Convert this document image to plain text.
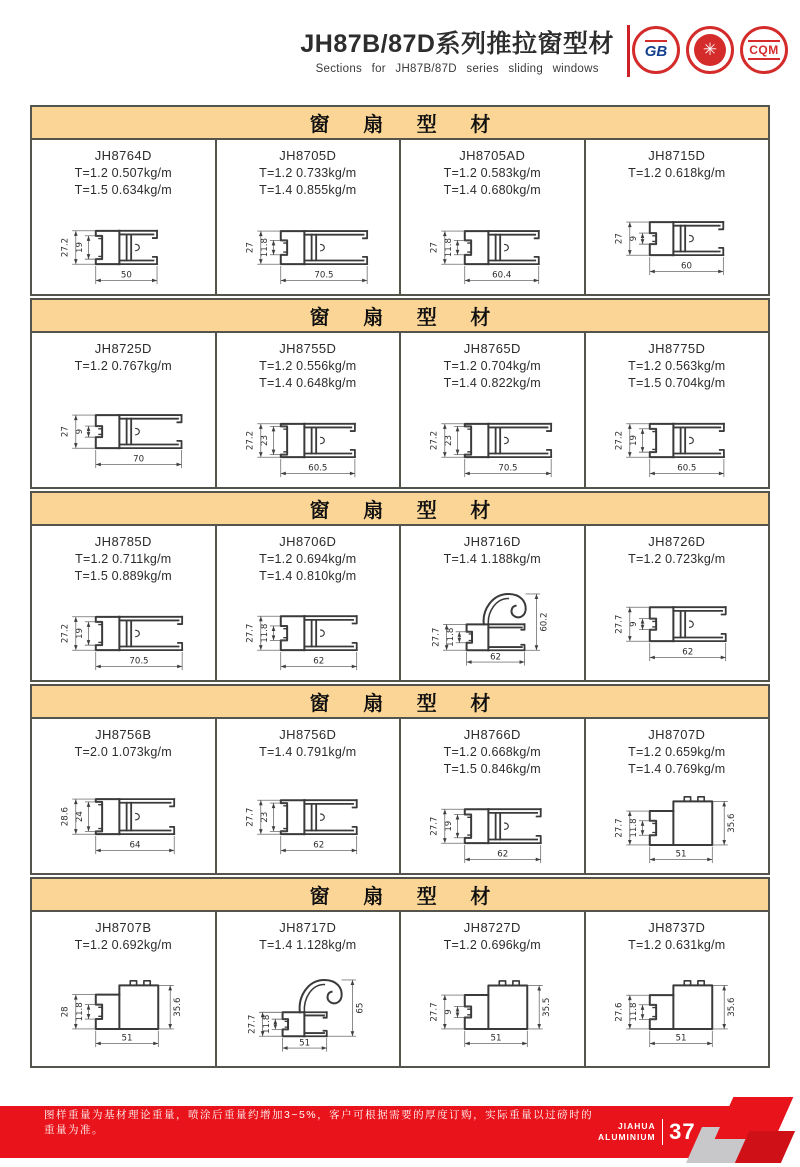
JH87B/87D系列推拉窗型材
Sections for JH87B/87D series sliding windows
GB	✳	CQM
窗 扇 型 材
JH8764D
T=1.2 0.507kg/m
T=1.5 0.634kg/m
27.2 19
50
JH8705D
T=1.2 0.733kg/m
T=1.4 0.855kg/m
27 11.8
70.5
JH8705AD
T=1.2 0.583kg/m
T=1.4 0.680kg/m
27 11.8
60.4
JH8715D
T=1.2 0.618kg/m
27 9
60
窗 扇 型 材
JH8725D
T=1.2 0.767kg/m
27 9
70
JH8755D
T=1.2 0.556kg/m
T=1.4 0.648kg/m
27.2 23
60.5
JH8765D
T=1.2 0.704kg/m
T=1.4 0.822kg/m
27.2 23
70.5
JH8775D
T=1.2 0.563kg/m
T=1.5 0.704kg/m
27.2 19
60.5
窗 扇 型 材
JH8785D
T=1.2 0.711kg/m
T=1.5 0.889kg/m
27.2 19
70.5
JH8706D
T=1.2 0.694kg/m
T=1.4 0.810kg/m
27.7 11.8
62
JH8716D
T=1.4 1.188kg/m
27.7 11.8
60.2
62
JH8726D
T=1.2 0.723kg/m
27.7 9
62
窗 扇 型 材
JH8756B
T=2.0 1.073kg/m
28.6 24
64
JH8756D
T=1.4 0.791kg/m
27.7 23
62
JH8766D
T=1.2 0.668kg/m
T=1.5 0.846kg/m
27.7 19
62
JH8707D
T=1.2 0.659kg/m
T=1.4 0.769kg/m
27.7 11.8	35.6
51
窗 扇 型 材
JH8707B
T=1.2 0.692kg/m
28 11.8	35.6
51
JH8717D
T=1.4 1.128kg/m
27.7 11.8
65
51
JH8727D
T=1.2 0.696kg/m
27.7 9	35.5
51
JH8737D
T=1.2 0.631kg/m
27.6 11.8	35.6
51
图样重量为基材理论重量，喷涂后重量约增加3~5%，客户可根据需要的厚度订购，实际重量以过磅时的重量为准。	JIAHUA
ALUMINIUM 37
